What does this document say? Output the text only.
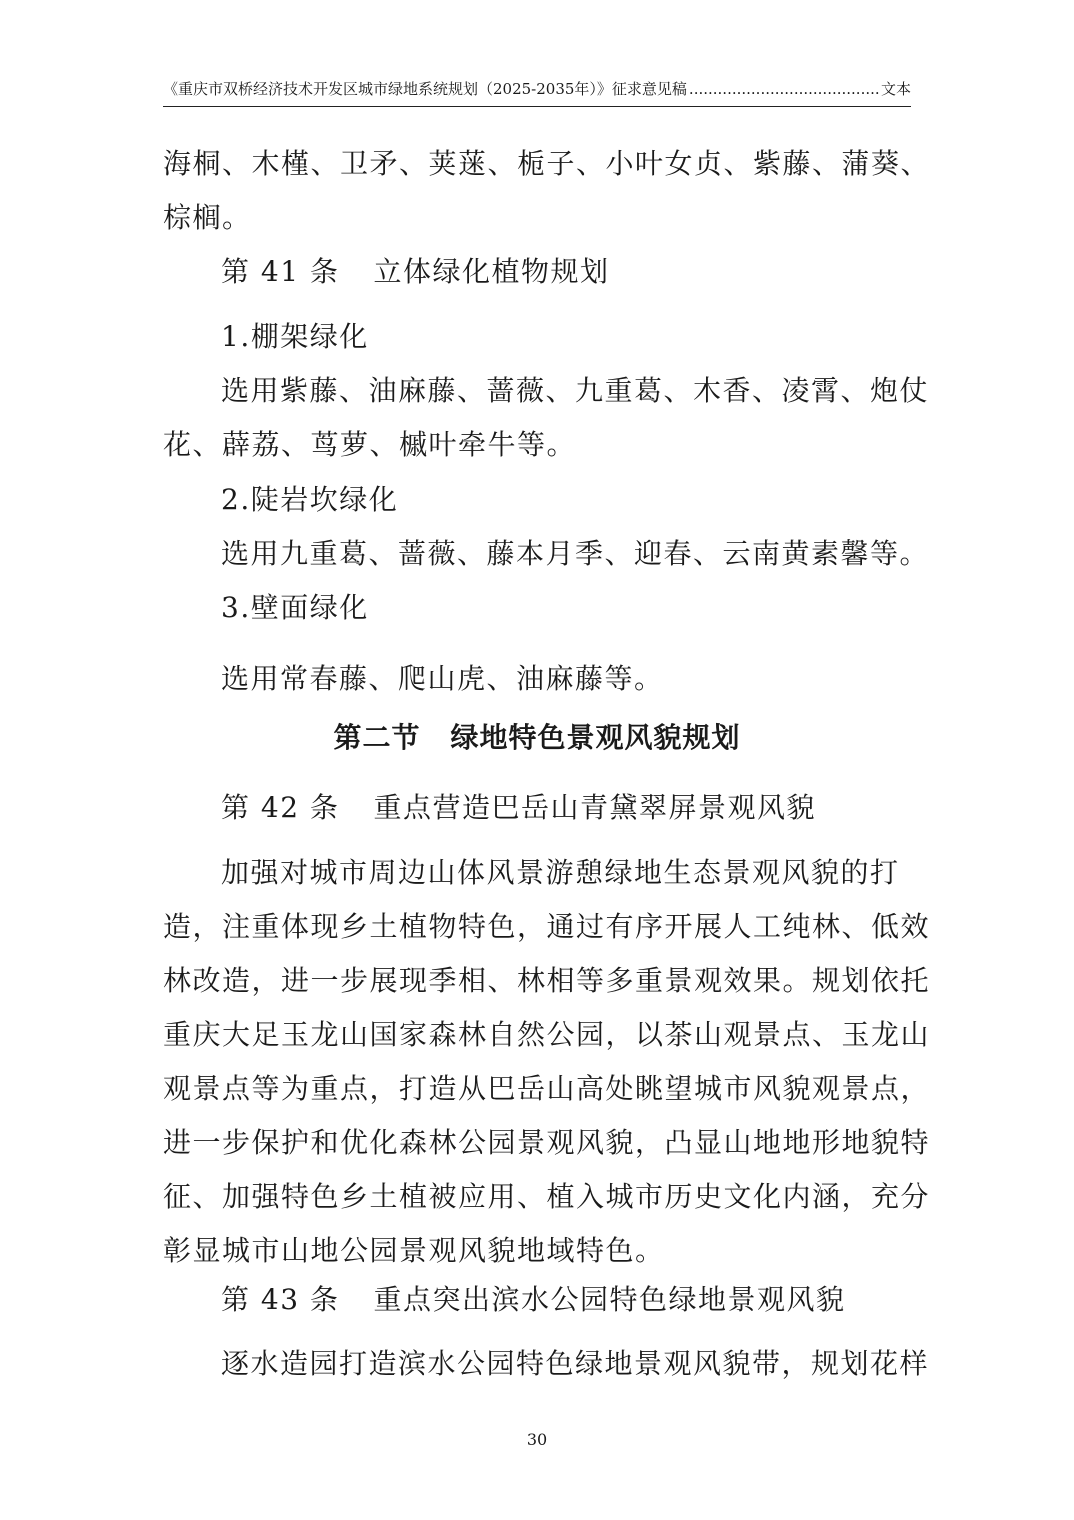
《重庆市双桥经济技术开发区城市绿地系统规划（2025-2035年）》征求意见稿
.....	文本
海桐、木槿、卫矛、荚蒾、栀子、小叶女贞、紫藤、蒲葵、
棕榈。
第 41 条 立体绿化植物规划
1.棚架绿化
选用紫藤、油麻藤、蔷薇、九重葛、木香、凌霄、炮仗
花、薜荔、茑萝、槭叶牵牛等。
2.陡岩坎绿化
选用九重葛、蔷薇、藤本月季、迎春、云南黄素馨等。
3.壁面绿化
选用常春藤、爬山虎、油麻藤等。
第二节 绿地特色景观风貌规划
第 42 条 重点营造巴岳山青黛翠屏景观风貌
加强对城市周边山体风景游憩绿地生态景观风貌的打
造，注重体现乡土植物特色，通过有序开展人工纯林、低效
林改造，进一步展现季相、林相等多重景观效果。规划依托
重庆大足玉龙山国家森林自然公园，以茶山观景点、玉龙山
观景点等为重点，打造从巴岳山高处眺望城市风貌观景点，
进一步保护和优化森林公园景观风貌，凸显山地地形地貌特
征、加强特色乡土植被应用、植入城市历史文化内涵，充分
彰显城市山地公园景观风貌地域特色。
第 43 条 重点突出滨水公园特色绿地景观风貌
逐水造园打造滨水公园特色绿地景观风貌带，规划花样
30
